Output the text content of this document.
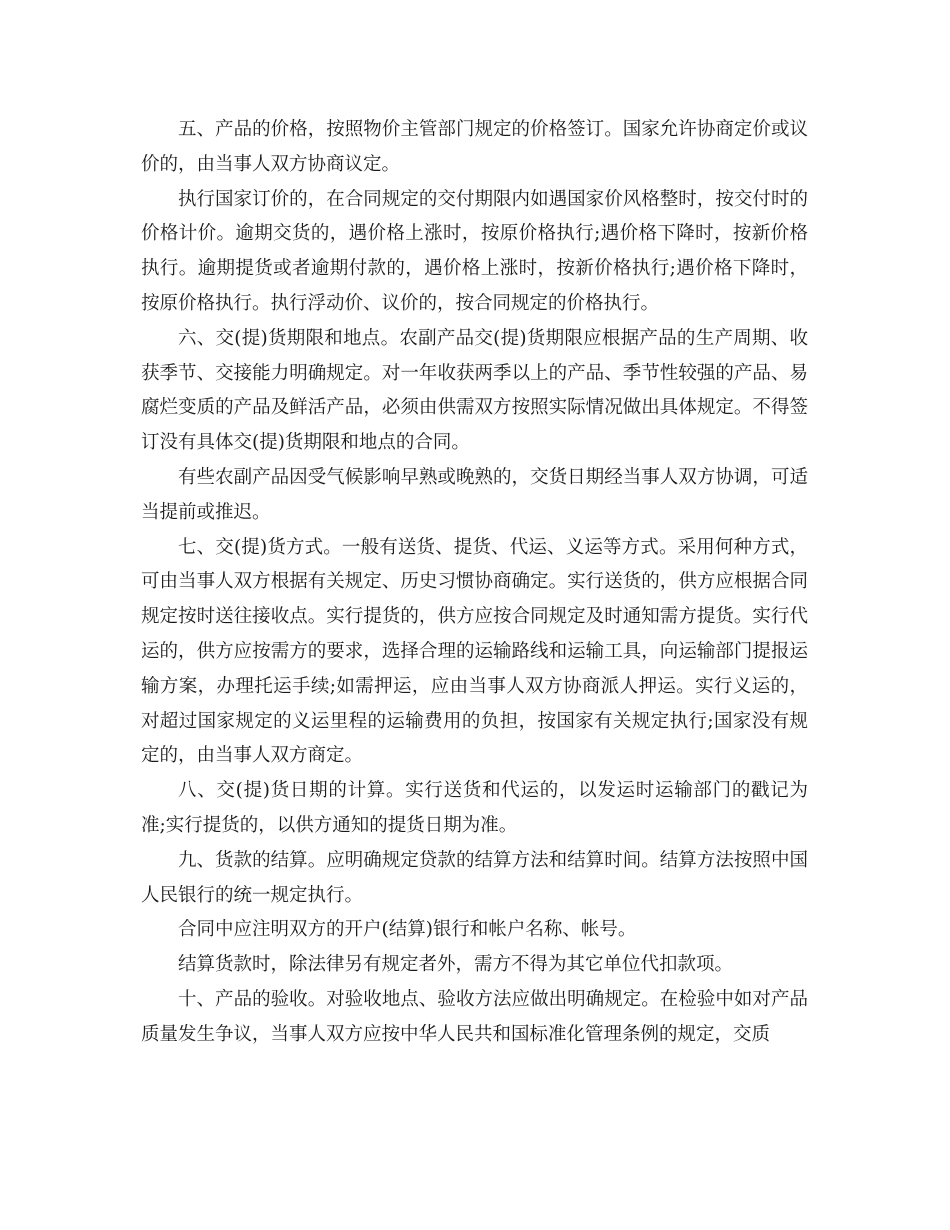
五、产品的价格，按照物价主管部门规定的价格签订。国家允许协商定价或议价的，由当事人双方协商议定。

执行国家订价的，在合同规定的交付期限内如遇国家价风格整时，按交付时的价格计价。逾期交货的，遇价格上涨时，按原价格执行;遇价格下降时，按新价格执行。逾期提货或者逾期付款的，遇价格上涨时，按新价格执行;遇价格下降时，按原价格执行。执行浮动价、议价的，按合同规定的价格执行。

六、交(提)货期限和地点。农副产品交(提)货期限应根据产品的生产周期、收获季节、交接能力明确规定。对一年收获两季以上的产品、季节性较强的产品、易腐烂变质的产品及鲜活产品，必须由供需双方按照实际情况做出具体规定。不得签订没有具体交(提)货期限和地点的合同。

有些农副产品因受气候影响早熟或晚熟的，交货日期经当事人双方协调，可适当提前或推迟。

七、交(提)货方式。一般有送货、提货、代运、义运等方式。采用何种方式，可由当事人双方根据有关规定、历史习惯协商确定。实行送货的，供方应根据合同规定按时送往接收点。实行提货的，供方应按合同规定及时通知需方提货。实行代运的，供方应按需方的要求，选择合理的运输路线和运输工具，向运输部门提报运输方案，办理托运手续;如需押运，应由当事人双方协商派人押运。实行义运的，对超过国家规定的义运里程的运输费用的负担，按国家有关规定执行;国家没有规定的，由当事人双方商定。

八、交(提)货日期的计算。实行送货和代运的，以发运时运输部门的戳记为准;实行提货的，以供方通知的提货日期为准。

九、货款的结算。应明确规定贷款的结算方法和结算时间。结算方法按照中国人民银行的统一规定执行。

合同中应注明双方的开户(结算)银行和帐户名称、帐号。

结算货款时，除法律另有规定者外，需方不得为其它单位代扣款项。

十、产品的验收。对验收地点、验收方法应做出明确规定。在检验中如对产品质量发生争议，当事人双方应按中华人民共和国标准化管理条例的规定，交质
